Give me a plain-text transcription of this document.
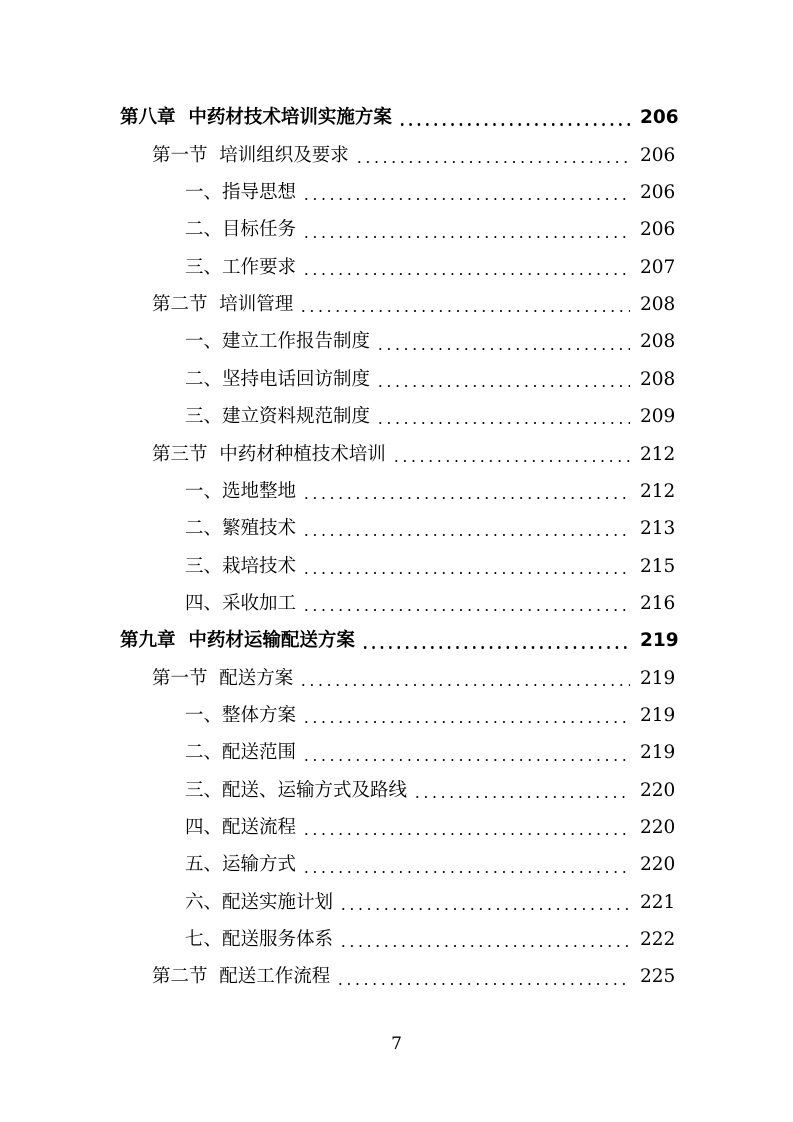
第八章  中药材技术培训实施方案	206
第一节  培训组织及要求	206
一、指导思想	206
二、目标任务	206
三、工作要求	207
第二节  培训管理	208
一、建立工作报告制度	208
二、坚持电话回访制度	208
三、建立资料规范制度	209
第三节  中药材种植技术培训	212
一、选地整地	212
二、繁殖技术	213
三、栽培技术	215
四、采收加工	216
第九章  中药材运输配送方案	219
第一节  配送方案	219
一、整体方案	219
二、配送范围	219
三、配送、运输方式及路线	220
四、配送流程	220
五、运输方式	220
六、配送实施计划	221
七、配送服务体系	222
第二节  配送工作流程	225
7
